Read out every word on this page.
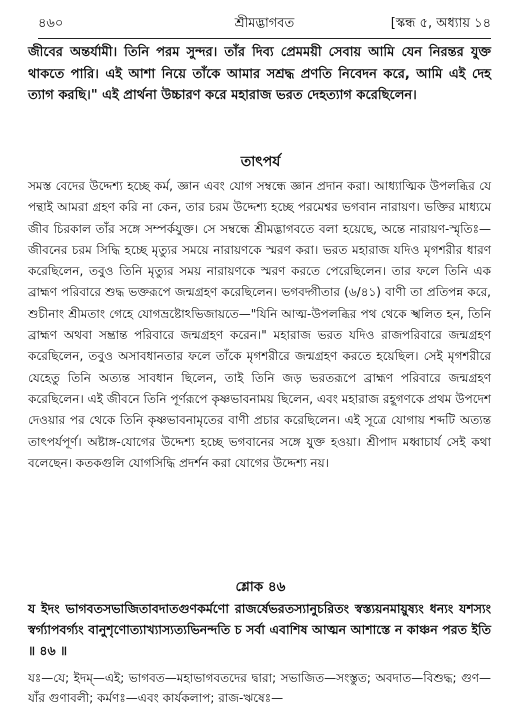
৪৬০	শ্রীমদ্ভাগবত	[স্কন্ধ ৫, অধ্যায় ১৪
জীবের অন্তর্যামী। তিনি পরম সুন্দর। তাঁর দিব্য প্রেমময়ী সেবায় আমি যেন নিরন্তর যুক্ত থাকতে পারি। এই আশা নিয়ে তাঁকে আমার সশ্রদ্ধ প্রণতি নিবেদন করে, আমি এই দেহ ত্যাগ করছি।" এই প্রার্থনা উচ্চারণ করে মহারাজ ভরত দেহত্যাগ করেছিলেন।
তাৎপর্য

সমস্ত বেদের উদ্দেশ্য হচ্ছে কর্ম, জ্ঞান এবং যোগ সম্বন্ধে জ্ঞান প্রদান করা। আধ্যাত্মিক উপলব্ধির যে পন্থাই আমরা গ্রহণ করি না কেন, তার চরম উদ্দেশ্য হচ্ছে পরমেশ্বর ভগবান নারায়ণ। ভক্তির মাধ্যমে জীব চিরকাল তাঁর সঙ্গে সম্পর্কযুক্ত। সে সম্বন্ধে শ্রীমদ্ভাগবতে বলা হয়েছে, অন্তে নারায়ণ-স্মৃতিঃ—জীবনের চরম সিদ্ধি হচ্ছে মৃত্যুর সময়ে নারায়ণকে স্মরণ করা। ভরত মহারাজ যদিও মৃগশরীর ধারণ করেছিলেন, তবুও তিনি মৃত্যুর সময় নারায়ণকে স্মরণ করতে পেরেছিলেন। তার ফলে তিনি এক ব্রাহ্মণ পরিবারে শুদ্ধ ভক্তরূপে জন্মগ্রহণ করেছিলেন। ভগবদ্গীতার (৬/৪১) বাণী তা প্রতিপন্ন করে, শুচীনাং শ্রীমতাং গেহে যোগভ্রষ্টোঽভিজায়তে—"যিনি আত্ম-উপলব্ধির পথ থেকে স্খলিত হন, তিনি ব্রাহ্মণ অথবা সম্ভ্রান্ত পরিবারে জন্মগ্রহণ করেন।" মহারাজ ভরত যদিও রাজপরিবারে জন্মগ্রহণ করেছিলেন, তবুও অসাবধানতার ফলে তাঁকে মৃগশরীরে জন্মগ্রহণ করতে হয়েছিল। সেই মৃগশরীরে যেহেতু তিনি অত্যন্ত সাবধান ছিলেন, তাই তিনি জড় ভরতরূপে ব্রাহ্মণ পরিবারে জন্মগ্রহণ করেছিলেন। এই জীবনে তিনি পূর্ণরূপে কৃষ্ণভাবনাময় ছিলেন, এবং মহারাজ রহূগণকে প্রথম উপদেশ দেওয়ার পর থেকে তিনি কৃষ্ণভাবনামৃতের বাণী প্রচার করেছিলেন। এই সূত্রে যোগায় শব্দটি অত্যন্ত তাৎপর্যপূর্ণ। অষ্টাঙ্গ-যোগের উদ্দেশ্য হচ্ছে ভগবানের সঙ্গে যুক্ত হওয়া। শ্রীপাদ মধ্বাচার্য সেই কথা বলেছেন। কতকগুলি যোগসিদ্ধি প্রদর্শন করা যোগের উদ্দেশ্য নয়।

শ্লোক ৪৬
য ইদং ভাগবতসভাজিতাবদাতগুণকর্মণো রাজর্ষেভরতস্যানুচরিতং স্বস্ত্যয়নমায়ুষ্যং ধন্যং যশস্যং স্বর্গ্যাপবর্গ্যং বানুশৃণোত্যাখ্যাস্যত্যভিনন্দতি চ সর্বা এবাশিষ আত্মন আশাস্তে ন কাঞ্চন পরত ইতি ॥ ৪৬ ॥
যঃ—যে; ইদম্—এই; ভাগবত—মহাভাগবতদের দ্বারা; সভাজিত—সংস্তুত; অবদাত—বিশুদ্ধ; গুণ—যাঁর গুণাবলী; কর্মণঃ—এবং কার্যকলাপ; রাজ-ঋষেঃ—
